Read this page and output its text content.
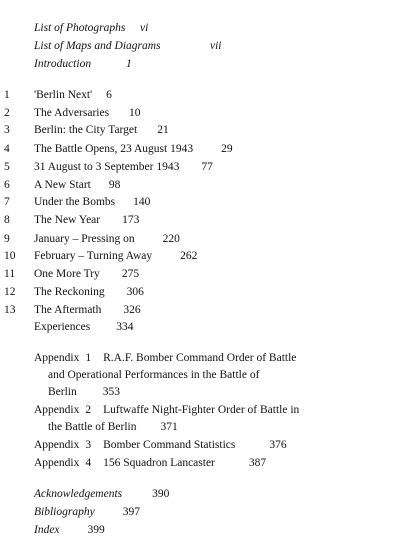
List of Photographs vi
List of Maps and Diagrams	vii
Introduction	1
1	'Berlin Next' 6
2	The Adversaries 10
3	Berlin: the City Target 21
4	The Battle Opens, 23 August 1943 29
5	31 August to 3 September 1943 77
6	A New Start 98
7	Under the Bombs 140
8	The New Year 173
9	January – Pressing on 220
10	February – Turning Away 262
11	One More Try 275
12	The Reckoning 306
13	The Aftermath 326
Experiences 334
Appendix 1 R.A.F. Bomber Command Order of Battle
and Operational Performances in the Battle of
Berlin 353
Appendix 2 Luftwaffe Night-Fighter Order of Battle in
the Battle of Berlin 371
Appendix 3 Bomber Command Statistics	376
Appendix 4 156 Squadron Lancaster	387
Acknowledgements	390
Bibliography 397
Index 399
